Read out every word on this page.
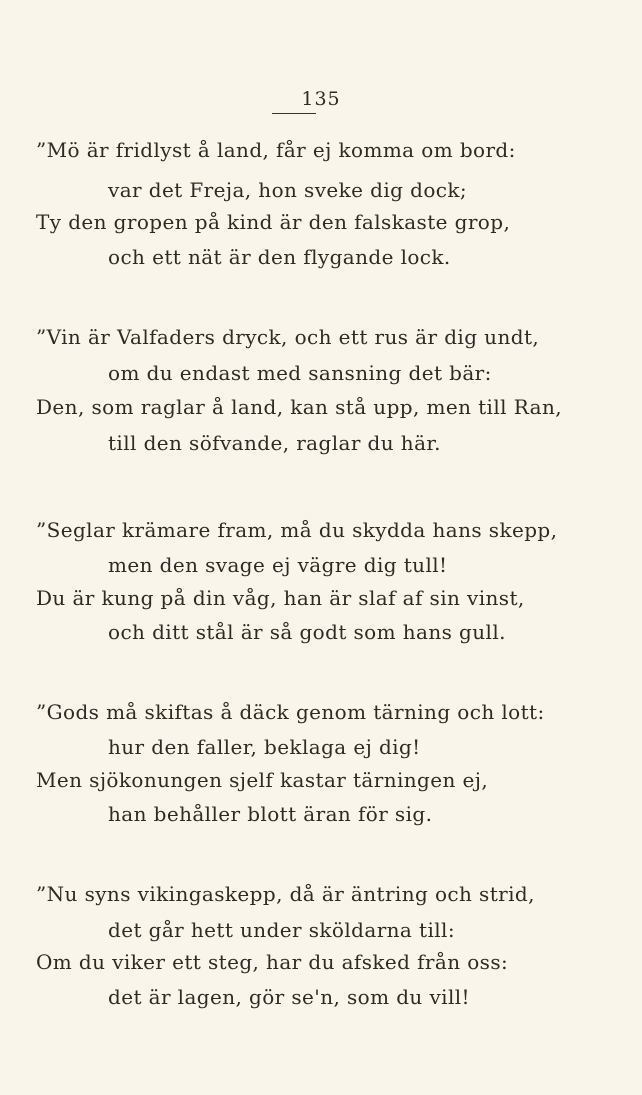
135
”Mö är fridlyst å land, får ej komma om bord:
var det Freja, hon sveke dig dock;
Ty den gropen på kind är den falskaste grop,
och ett nät är den flygande lock.
”Vin är Valfaders dryck, och ett rus är dig undt,
om du endast med sansning det bär:
Den, som raglar å land, kan stå upp, men till Ran,
till den söfvande, raglar du här.
”Seglar krämare fram, må du skydda hans skepp,
men den svage ej vägre dig tull!
Du är kung på din våg, han är slaf af sin vinst,
och ditt stål är så godt som hans gull.
”Gods må skiftas å däck genom tärning och lott:
hur den faller, beklaga ej dig!
Men sjökonungen sjelf kastar tärningen ej,
han behåller blott äran för sig.
”Nu syns vikingaskepp, då är äntring och strid,
det går hett under sköldarna till:
Om du viker ett steg, har du afsked från oss:
det är lagen, gör se'n, som du vill!
